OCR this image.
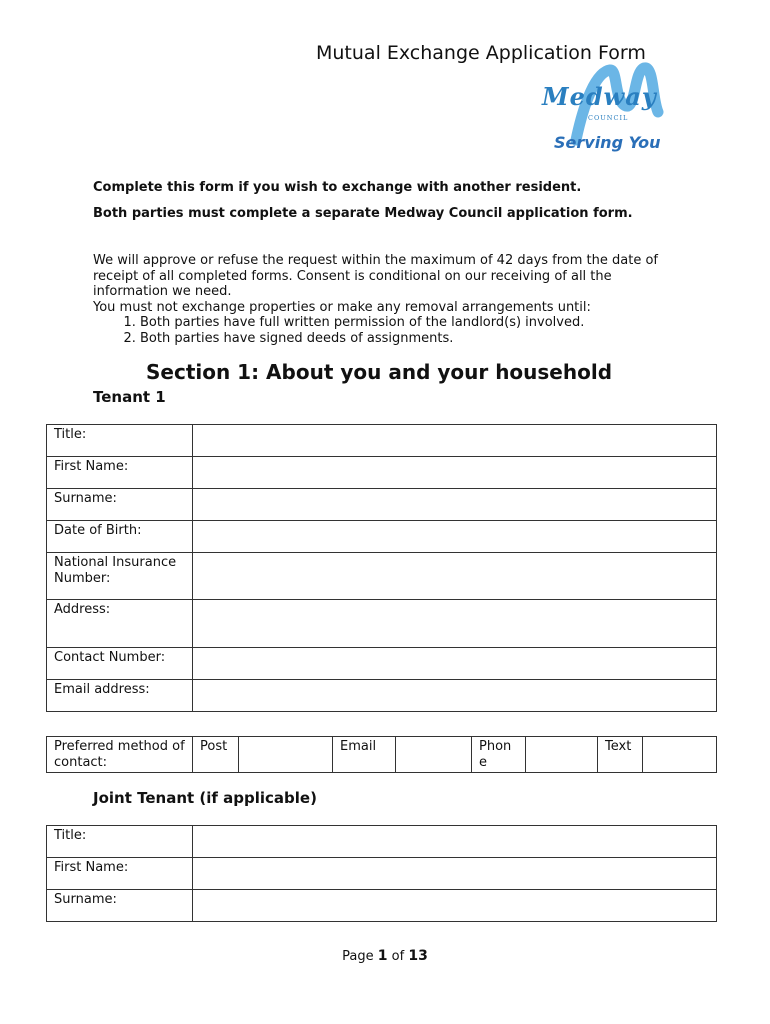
Mutual Exchange Application Form
Medway
COUNCIL
Serving You

Complete this form if you wish to exchange with another resident.

Both parties must complete a separate Medway Council application form.

We will approve or refuse the request within the maximum of 42 days from the date of receipt of all completed forms. Consent is conditional on our receiving of all the information we need.

You must not exchange properties or make any removal arrangements until:

1. Both parties have full written permission of the landlord(s) involved.
2. Both parties have signed deeds of assignments.
Section 1: About you and your household
Tenant 1
Title:	
First Name:	
Surname:	
Date of Birth:	
National Insurance Number:	
Address:	
Contact Number:	
Email address:	
Preferred method of contact:	Post		Email		Phone		Text	
Joint Tenant (if applicable)
Title:	
First Name:	
Surname:	
Page 1 of 13
